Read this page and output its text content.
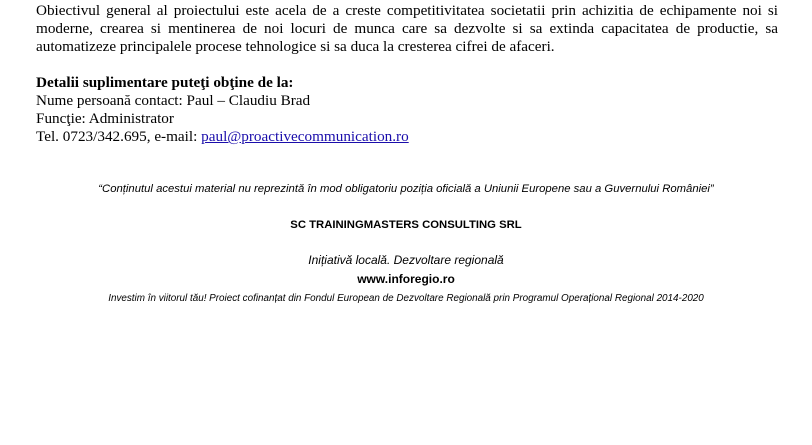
Obiectivul general al proiectului este acela de a creste competitivitatea societatii prin achizitia de echipamente noi si moderne, crearea si mentinerea de noi locuri de munca care sa dezvolte si sa extinda capacitatea de productie, sa automatizeze principalele procese tehnologice si sa duca la cresterea cifrei de afaceri.

Detalii suplimentare puteţi obţine de la:
Nume persoană contact: Paul – Claudiu Brad
Funcţie: Administrator
Tel. 0723/342.695, e-mail: paul@proactivecommunication.ro
“Conținutul acestui material nu reprezintă în mod obligatoriu poziția oficială a Uniunii Europene sau a Guvernului României”
SC TRAININGMASTERS CONSULTING SRL
Inițiativă locală. Dezvoltare regională
www.inforegio.ro
Investim în viitorul tău! Proiect cofinanțat din Fondul European de Dezvoltare Regională prin Programul Operațional Regional 2014-2020
